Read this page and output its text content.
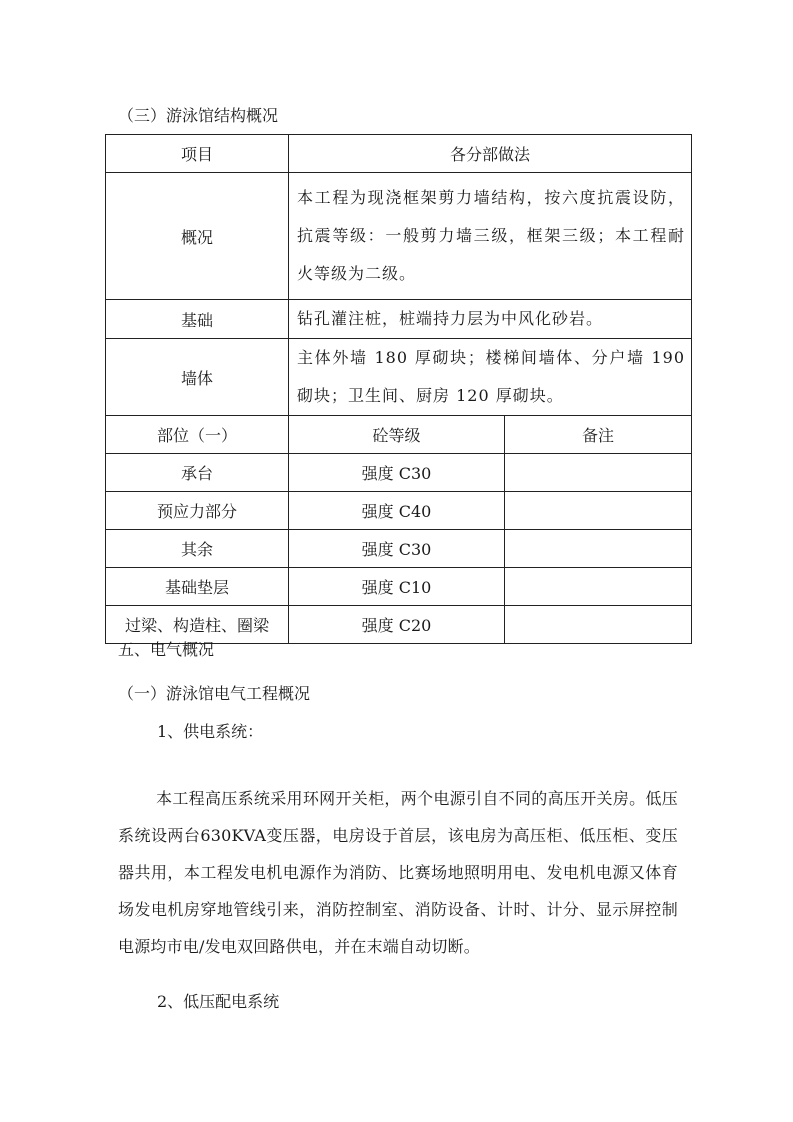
（三）游泳馆结构概况
项目	各分部做法	
概况	本工程为现浇框架剪力墙结构，按六度抗震设防，抗震等级：一般剪力墙三级，框架三级；本工程耐火等级为二级。	
基础	钻孔灌注桩，桩端持力层为中风化砂岩。	
墙体	主体外墙 180 厚砌块；楼梯间墙体、分户墙 190 砌块；卫生间、厨房 120 厚砌块。	
部位（一）	砼等级	备注
承台	强度 C30	
预应力部分	强度 C40	
其余	强度 C30	
基础垫层	强度 C10	
过梁、构造柱、圈梁	强度 C20	
五、电气概况
（一）游泳馆电气工程概况
1、供电系统：
本工程高压系统采用环网开关柜，两个电源引自不同的高压开关房。低压系统设两台630KVA变压器，电房设于首层，该电房为高压柜、低压柜、变压器共用，本工程发电机电源作为消防、比赛场地照明用电、发电机电源又体育场发电机房穿地管线引来，消防控制室、消防设备、计时、计分、显示屏控制电源均市电/发电双回路供电，并在末端自动切断。
2、低压配电系统
